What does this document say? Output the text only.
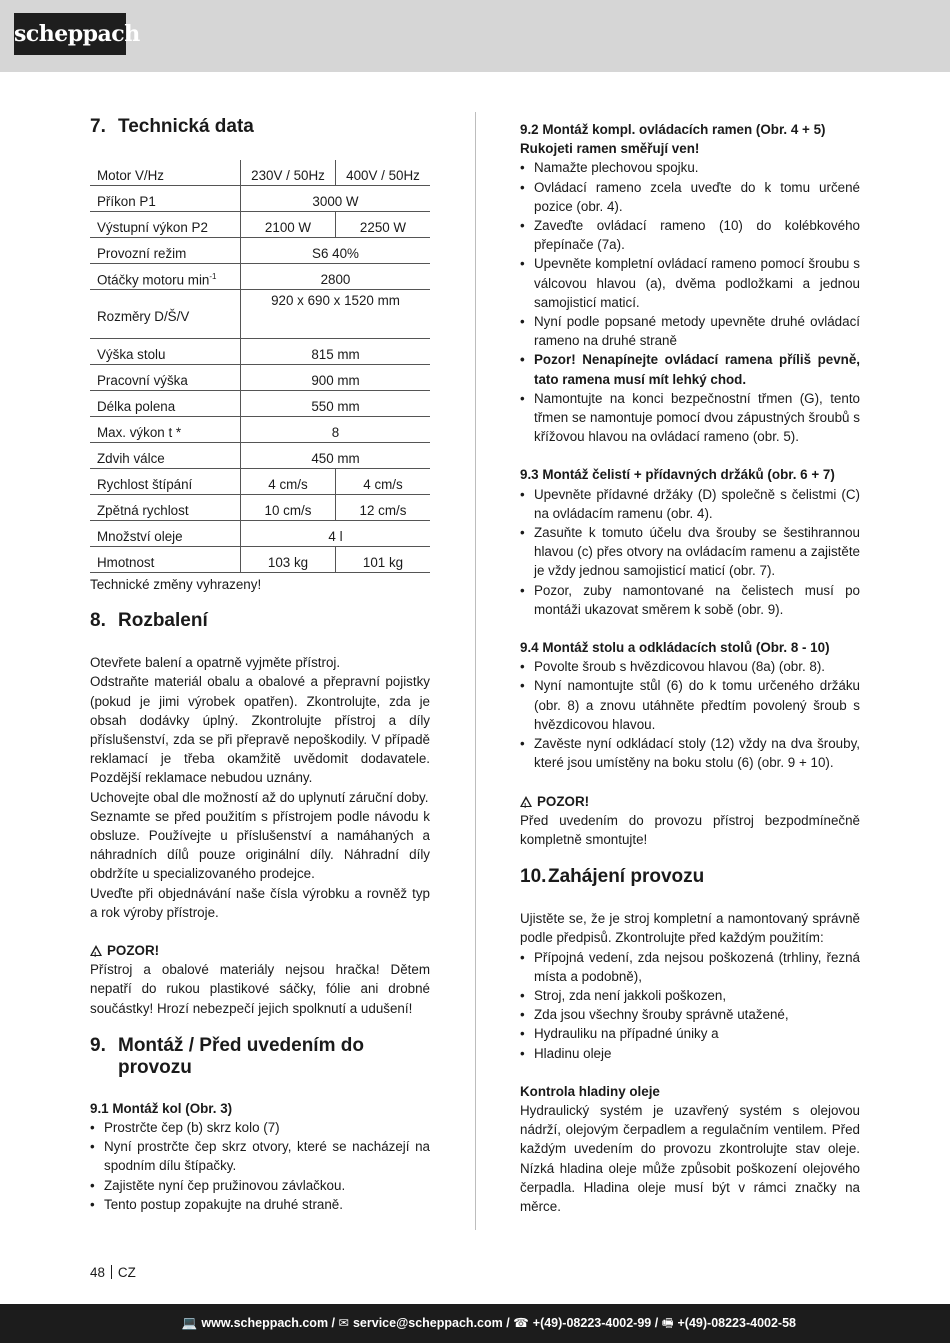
scheppach
7. Technická data
Motor V/Hz	230V / 50Hz	400V / 50Hz
Příkon P1	3000 W	
Výstupní výkon P2	2100 W	2250 W
Provozní režim	S6 40%	
Otáčky motoru $\min^{-1}$	2800	
Rozměry D/Š/V	920 x 690 x 1520 mm	
Výška stolu	815 mm	
Pracovní výška	900 mm	
Délka polena	550 mm	
Max. výkon t *	8	
Zdvih válce	450 mm	
Rychlost štípání	4 cm/s	4 cm/s
Zpětná rychlost	10 cm/s	12 cm/s
Množství oleje	4 l	
Hmotnost	103 kg	101 kg

Technické změny vyhrazeny!

8. Rozbalení

Otevřete balení a opatrně vyjměte přístroj.

Odstraňte materiál obalu a obalové a přepravní pojistky (pokud je jimi výrobek opatřen). Zkontrolujte, zda je obsah dodávky úplný. Zkontrolujte přístroj a díly příslušenství, zda se při přepravě nepoškodily. V případě reklamací je třeba okamžitě uvědomit dodavatele. Pozdější reklamace nebudou uznány.

Uchovejte obal dle možností až do uplynutí záruční doby.

Seznamte se před použitím s přístrojem podle návodu k obsluze. Používejte u příslušenství a namáhaných a náhradních dílů pouze originální díly. Náhradní díly obdržíte u specializovaného prodejce.

Uveďte při objednávání naše čísla výrobku a rovněž typ a rok výroby přístroje.

!POZOR!

Přístroj a obalové materiály nejsou hračka! Dětem nepatří do rukou plastikové sáčky, fólie ani drobné součástky! Hrozí nebezpečí jejich spolknutí a udušení!

9. Montáž / Před uvedením do provozu

9.1 Montáž kol (Obr. 3)

• Prostrčte čep (b) skrz kolo (7)
• Nyní prostrčte čep skrz otvory, které se nacházejí na spodním dílu štípačky.
• Zajistěte nyní čep pružinovou závlačkou.
• Tento postup zopakujte na druhé straně.

9.2 Montáž kompl. ovládacích ramen (Obr. 4 + 5)

Rukojeti ramen směřují ven!

• Namažte plechovou spojku.
• Ovládací rameno zcela uveďte do k tomu určené pozice (obr. 4).
• Zaveďte ovládací rameno (10) do kolébkového přepínače (7a).
• Upevněte kompletní ovládací rameno pomocí šroubu s válcovou hlavou (a), dvěma podložkami a jednou samojisticí maticí.
• Nyní podle popsané metody upevněte druhé ovládací rameno na druhé straně
• Pozor! Nenapínejte ovládací ramena příliš pevně, tato ramena musí mít lehký chod.
• Namontujte na konci bezpečnostní třmen (G), tento třmen se namontuje pomocí dvou zápustných šroubů s křížovou hlavou na ovládací rameno (obr. 5).

9.3 Montáž čelistí + přídavných držáků (obr. 6 + 7)

• Upevněte přídavné držáky (D) společně s čelistmi (C) na ovládacím ramenu (obr. 4).
• Zasuňte k tomuto účelu dva šrouby se šestihrannou hlavou (c) přes otvory na ovládacím ramenu a zajistěte je vždy jednou samojisticí maticí (obr. 7).
• Pozor, zuby namontované na čelistech musí po montáži ukazovat směrem k sobě (obr. 9).

9.4 Montáž stolu a odkládacích stolů (Obr. 8 - 10)

• Povolte šroub s hvězdicovou hlavou (8a) (obr. 8).
• Nyní namontujte stůl (6) do k tomu určeného držáku (obr. 8) a znovu utáhněte předtím povolený šroub s hvězdicovou hlavou.
• Zavěste nyní odkládací stoly (12) vždy na dva šrouby, které jsou umístěny na boku stolu (6) (obr. 9 + 10).
!POZOR!

Před uvedením do provozu přístroj bezpodmínečně kompletně smontujte!

10. Zahájení provozu

Ujistěte se, že je stroj kompletní a namontovaný správně podle předpisů. Zkontrolujte před každým použitím:

• Přípojná vedení, zda nejsou poškozená (trhliny, řezná místa a podobně),
• Stroj, zda není jakkoli poškozen,
• Zda jsou všechny šrouby správně utažené,
• Hydrauliku na případné úniky a
• Hladinu oleje

Kontrola hladiny oleje

Hydraulický systém je uzavřený systém s olejovou nádrží, olejovým čerpadlem a regulačním ventilem. Před každým uvedením do provozu zkontrolujte stav oleje. Nízká hladina oleje může způsobit poškození olejového čerpadla. Hladina oleje musí být v rámci značky na měrce.

48 CZ
💻 www.scheppach.com / ✉ service@scheppach.com / ☎ +(49)-08223-4002-99 / 🖷 +(49)-08223-4002-58
